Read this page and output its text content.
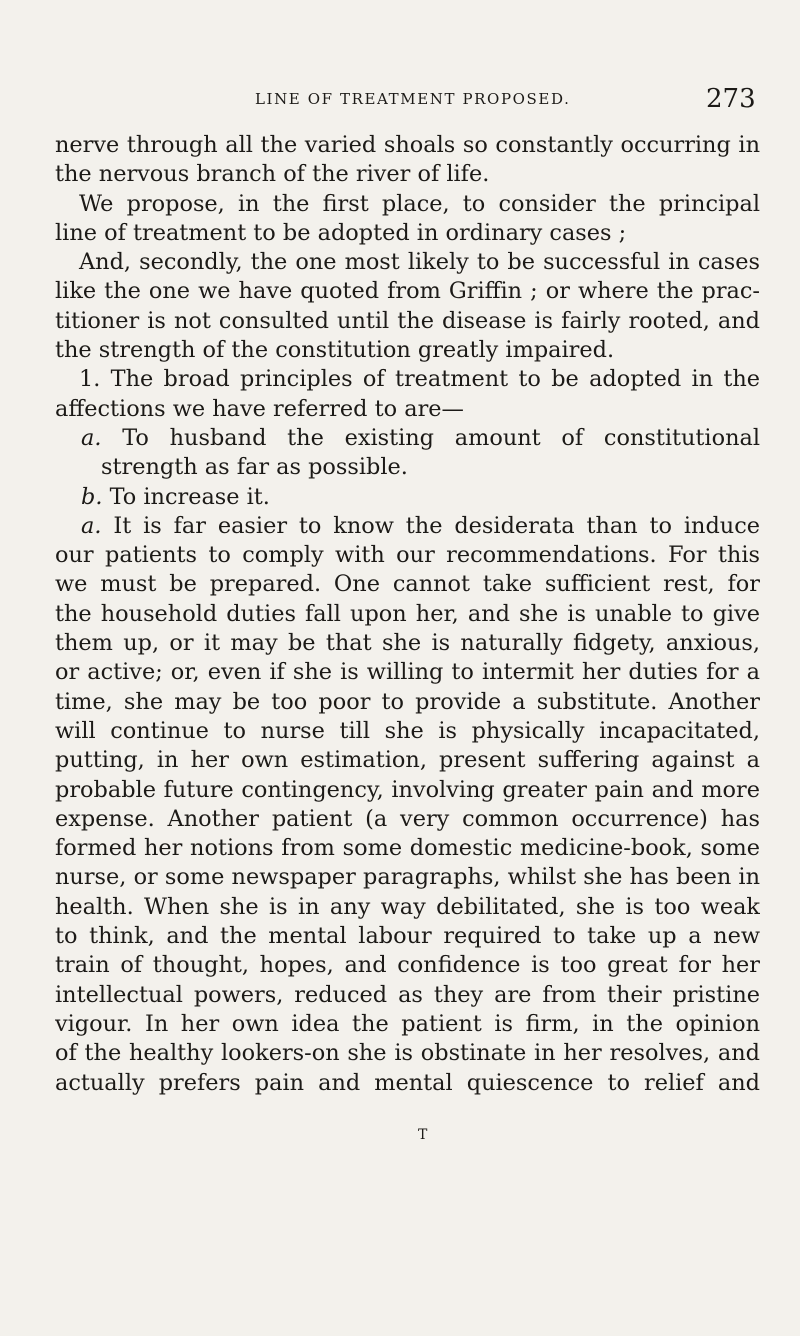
LINE OF TREATMENT PROPOSED.	273
nerve through all the varied shoals so constantly occurring in
the nervous branch of the river of life.
We propose, in the first place, to consider the principal
line of treatment to be adopted in ordinary cases ;
And, secondly, the one most likely to be successful in cases
like the one we have quoted from Griffin ; or where the prac-
titioner is not consulted until the disease is fairly rooted, and
the strength of the constitution greatly impaired.
1. The broad principles of treatment to be adopted in the
affections we have referred to are—
a. To husband the existing amount of constitutional
strength as far as possible.
b. To increase it.
a. It is far easier to know the desiderata than to induce
our patients to comply with our recommendations. For this
we must be prepared. One cannot take sufficient rest, for
the household duties fall upon her, and she is unable to give
them up, or it may be that she is naturally fidgety, anxious,
or active; or, even if she is willing to intermit her duties for a
time, she may be too poor to provide a substitute. Another
will continue to nurse till she is physically incapacitated,
putting, in her own estimation, present suffering against a
probable future contingency, involving greater pain and more
expense. Another patient (a very common occurrence) has
formed her notions from some domestic medicine-book, some
nurse, or some newspaper paragraphs, whilst she has been in
health. When she is in any way debilitated, she is too weak
to think, and the mental labour required to take up a new
train of thought, hopes, and confidence is too great for her
intellectual powers, reduced as they are from their pristine
vigour. In her own idea the patient is firm, in the opinion
of the healthy lookers-on she is obstinate in her resolves, and
actually prefers pain and mental quiescence to relief and
T
